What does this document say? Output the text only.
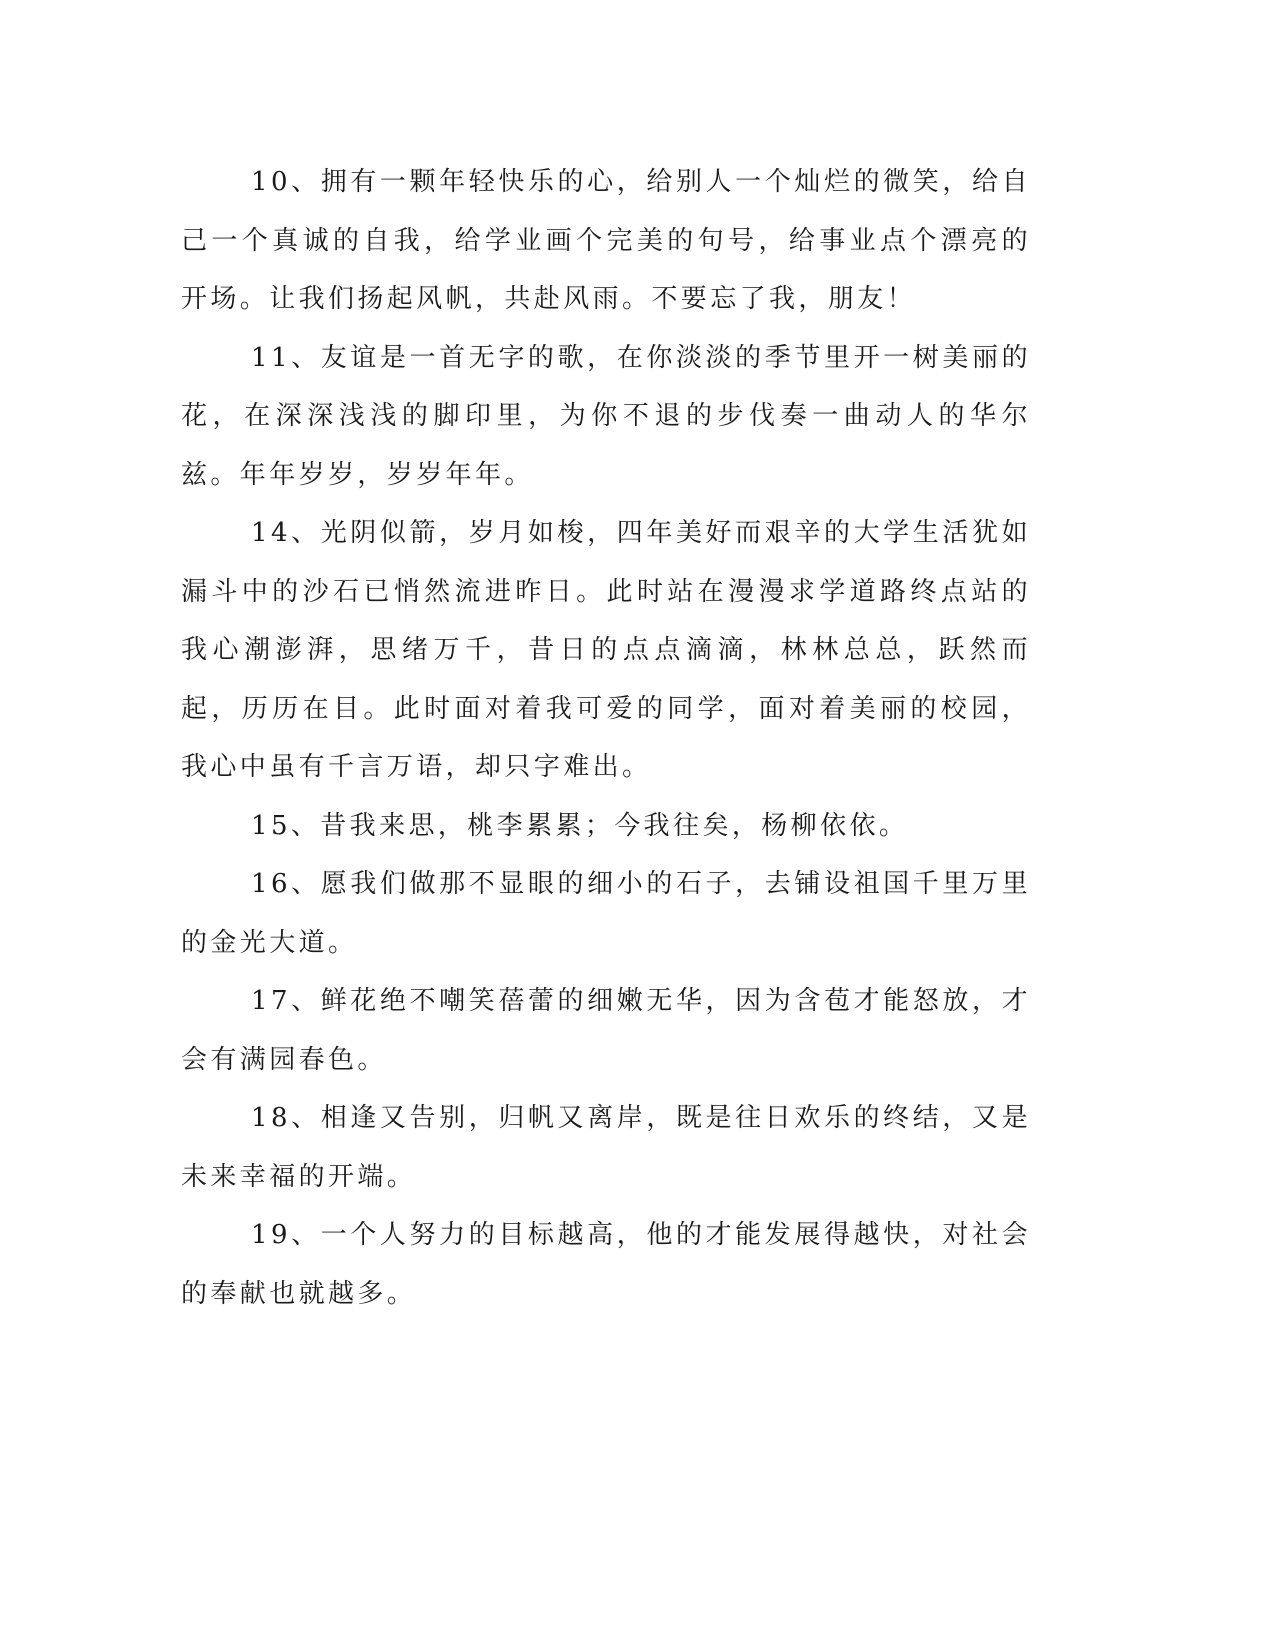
10、拥有一颗年轻快乐的心，给别人一个灿烂的微笑，给自己一个真诚的自我，给学业画个完美的句号，给事业点个漂亮的开场。让我们扬起风帆，共赴风雨。不要忘了我，朋友！

11、友谊是一首无字的歌，在你淡淡的季节里开一树美丽的花，在深深浅浅的脚印里，为你不退的步伐奏一曲动人的华尔兹。年年岁岁，岁岁年年。

14、光阴似箭，岁月如梭，四年美好而艰辛的大学生活犹如漏斗中的沙石已悄然流进昨日。此时站在漫漫求学道路终点站的我心潮澎湃，思绪万千，昔日的点点滴滴，林林总总，跃然而起，历历在目。此时面对着我可爱的同学，面对着美丽的校园，我心中虽有千言万语，却只字难出。

15、昔我来思，桃李累累；今我往矣，杨柳依依。

16、愿我们做那不显眼的细小的石子，去铺设祖国千里万里的金光大道。

17、鲜花绝不嘲笑蓓蕾的细嫩无华，因为含苞才能怒放，才会有满园春色。

18、相逢又告别，归帆又离岸，既是往日欢乐的终结，又是未来幸福的开端。

19、一个人努力的目标越高，他的才能发展得越快，对社会的奉献也就越多。
